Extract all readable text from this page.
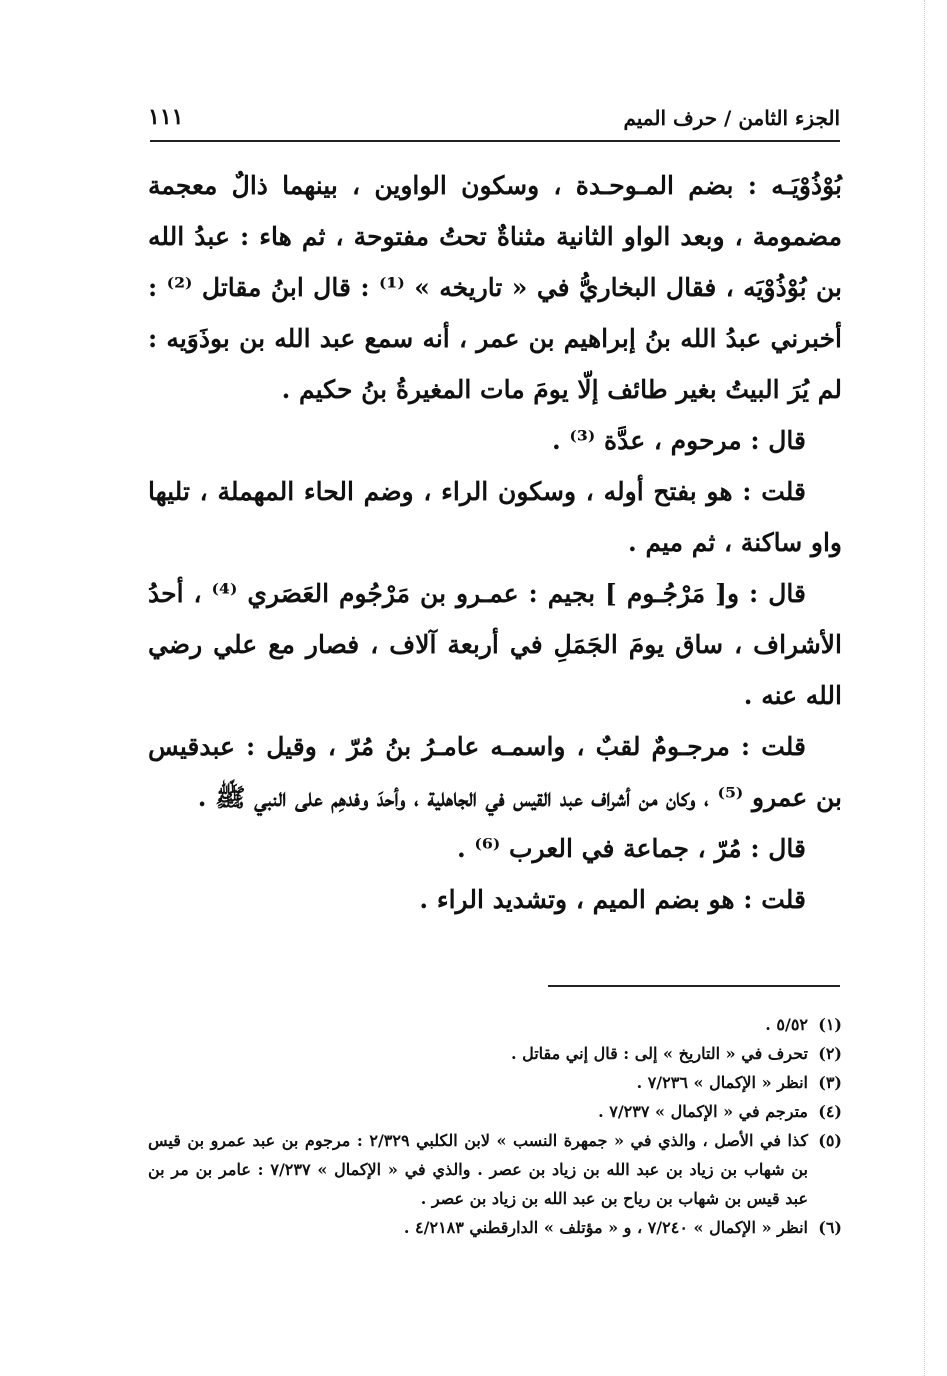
الجزء الثامن / حرف الميم
١١١

بُوْذُوْيَـه : بضم المـوحـدة ، وسكون الواوين ، بينهما ذالٌ معجمة مضمومة ، وبعد الواو الثانية مثناةٌ تحتُ مفتوحة ، ثم هاء : عبدُ الله بن بُوْذُوْيَه ، فقال البخاريُّ في « تاريخه » ⁽¹⁾ : قال ابنُ مقاتل ⁽²⁾ : أخبرني عبدُ الله بنُ إبراهيم بن عمر ، أنه سمع عبد الله بن بوذَوَيه : لم يُرَ البيتُ بغير طائف إلّا يومَ مات المغيرةُ بنُ حكيم .

قال : مرحوم ، عدَّة ⁽³⁾ .

قلت : هو بفتح أوله ، وسكون الراء ، وضم الحاء المهملة ، تليها واو ساكنة ، ثم ميم .

قال : و[ مَرْجُـوم ] بجيم : عمـرو بن مَرْجُوم العَصَري ⁽⁴⁾ ، أحدُ الأشراف ، ساق يومَ الجَمَلِ في أربعة آلاف ، فصار مع علي رضي الله عنه .

قلت : مرجـومٌ لقبٌ ، واسمـه عامـرُ بنُ مُرّ ، وقيل : عبدقيس بن عمرو ⁽⁵⁾ ، وكان من أشراف عبد القيس في الجاهلية ، وأحدَ وفدهِم على النبي ﷺ .

قال : مُرّ ، جماعة في العرب ⁽⁶⁾ .

قلت : هو بضم الميم ، وتشديد الراء .

(١)
٥/٥٢ .
(٢)
تحرف في « التاريخ » إلى : قال إني مقاتل .
(٣)
انظر « الإكمال » ٧/٢٣٦ .
(٤)
مترجم في « الإكمال » ٧/٢٣٧ .
(٥)
كذا في الأصل ، والذي في « جمهرة النسب » لابن الكلبي ٢/٣٢٩ : مرجوم بن عبد عمرو بن قيس بن شهاب بن زياد بن عبد الله بن زياد بن عصر . والذي في « الإكمال » ٧/٢٣٧ : عامر بن مر بن عبد قيس بن شهاب بن رياح بن عبد الله بن زياد بن عصر .
(٦)
انظر « الإكمال » ٧/٢٤٠ ، و « مؤتلف » الدارقطني ٤/٢١٨٣ .
